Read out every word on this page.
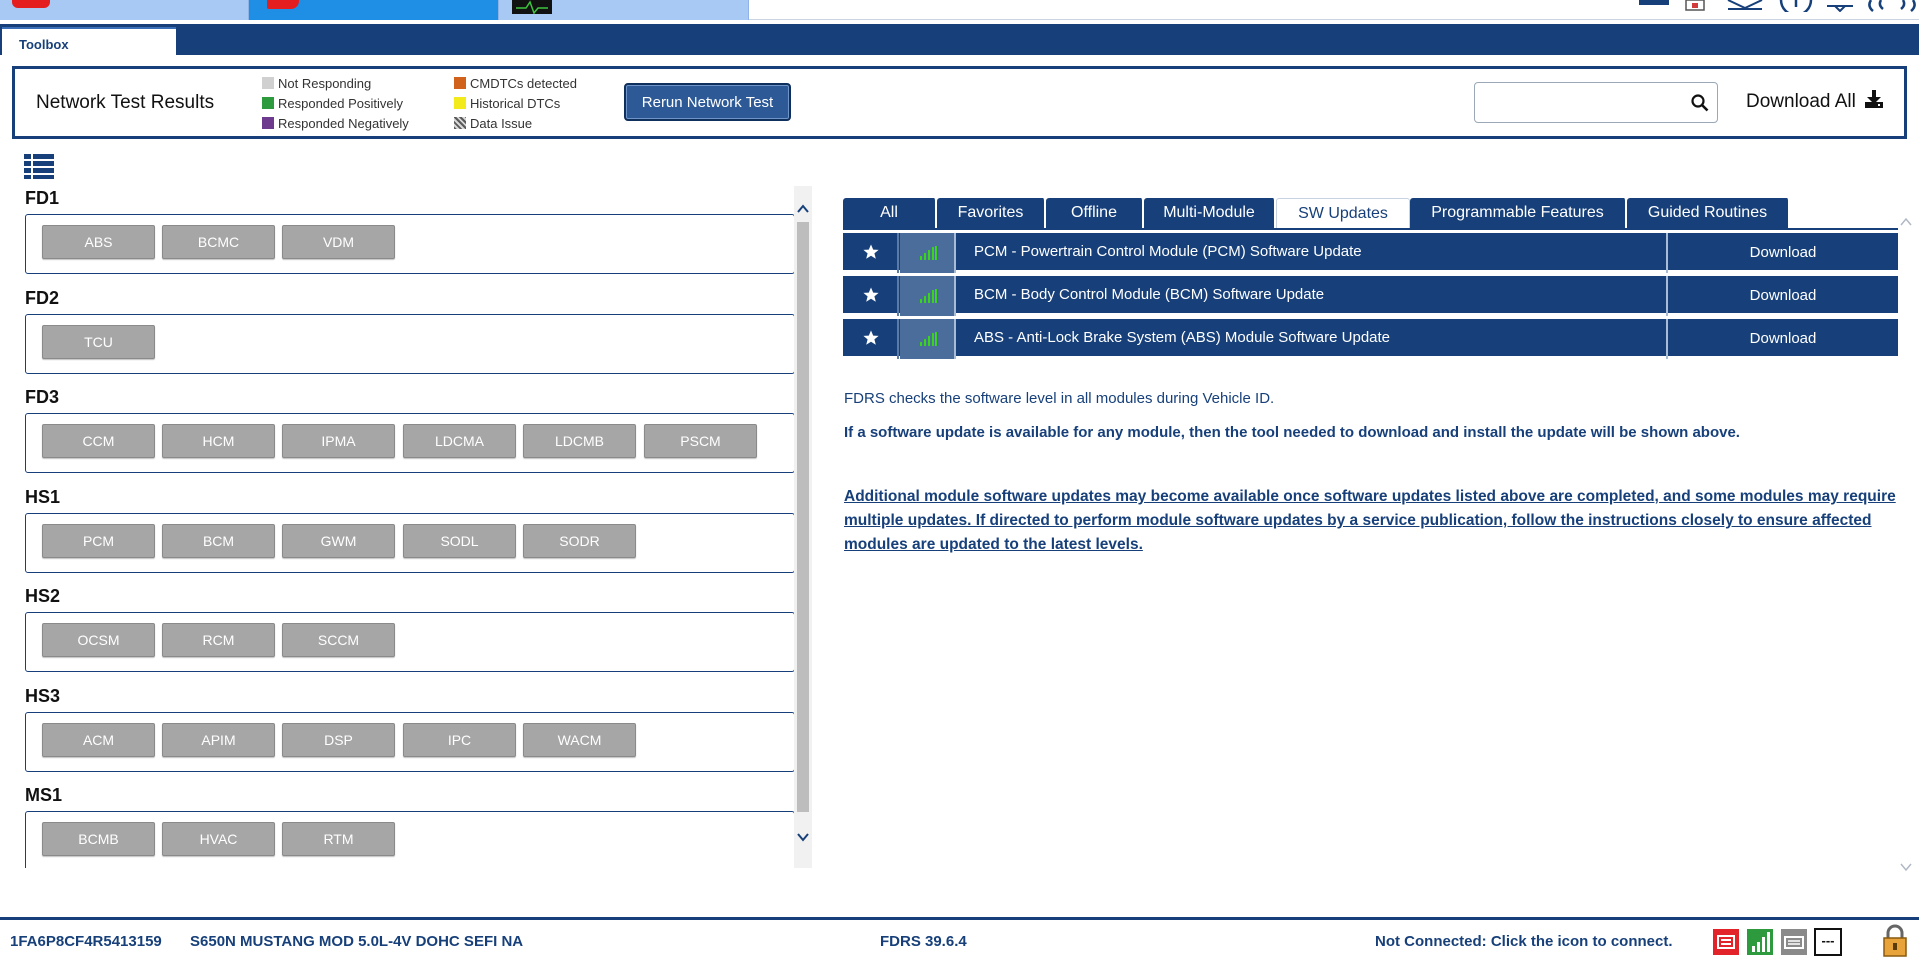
Toolbox
Network Test Results
Not Responding
Responded Positively
Responded Negatively
CMDTCs detected
Historical DTCs
Data Issue
Rerun Network Test	Download All
FD1
ABS	BCMC	VDM
FD2
TCU
FD3
CCM	HCM	IPMA	LDCMA	LDCMB	PSCM
HS1
PCM	BCM	GWM	SODL	SODR
HS2
OCSM	RCM	SCCM
HS3
ACM	APIM	DSP	IPC	WACM
MS1
BCMB	HVAC	RTM
All	Favorites	Offline	Multi-Module	SW Updates	Programmable Features	Guided Routines
PCM - Powertrain Control Module (PCM) Software Update	Download
BCM - Body Control Module (BCM) Software Update	Download
ABS - Anti-Lock Brake System (ABS) Module Software Update	Download
FDRS checks the software level in all modules during Vehicle ID.
If a software update is available for any module, then the tool needed to download and install the update will be shown above.
Additional module software updates may become available once software updates listed above are completed, and some modules may require multiple updates. If directed to perform module software updates by a service publication, follow the instructions closely to ensure affected modules are updated to the latest levels.
1FA6P8CF4R5413159 S650N MUSTANG MOD 5.0L-4V DOHC SEFI NA	FDRS 39.6.4	Not Connected: Click the icon to connect.	---
